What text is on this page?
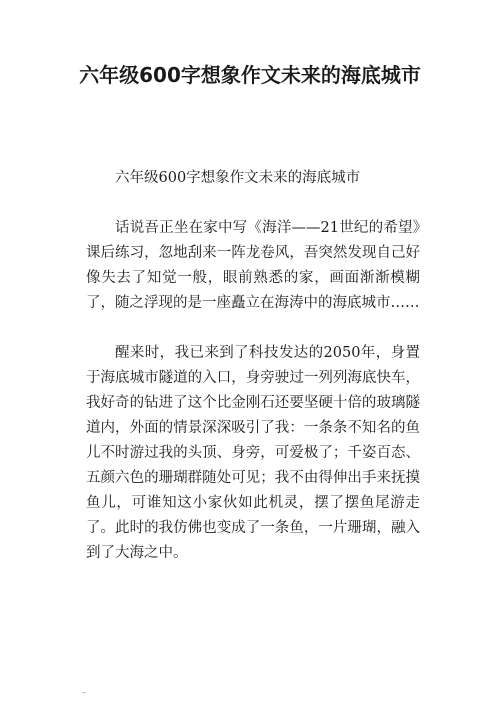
六年级600字想象作文未来的海底城市

六年级600字想象作文未来的海底城市

话说吾正坐在家中写《海洋——21世纪的希望》课后练习，忽地刮来一阵龙卷风，吾突然发现自己好像失去了知觉一般，眼前熟悉的家，画面渐渐模糊了，随之浮现的是一座矗立在海涛中的海底城市……

醒来时，我已来到了科技发达的2050年，身置于海底城市隧道的入口，身旁驶过一列列海底快车，我好奇的钻进了这个比金刚石还要坚硬十倍的玻璃隧道内，外面的情景深深吸引了我：一条条不知名的鱼儿不时游过我的头顶、身旁，可爱极了；千姿百态、五颜六色的珊瑚群随处可见；我不由得伸出手来抚摸鱼儿，可谁知这小家伙如此机灵，摆了摆鱼尾游走了。此时的我仿佛也变成了一条鱼，一片珊瑚，融入到了大海之中。
